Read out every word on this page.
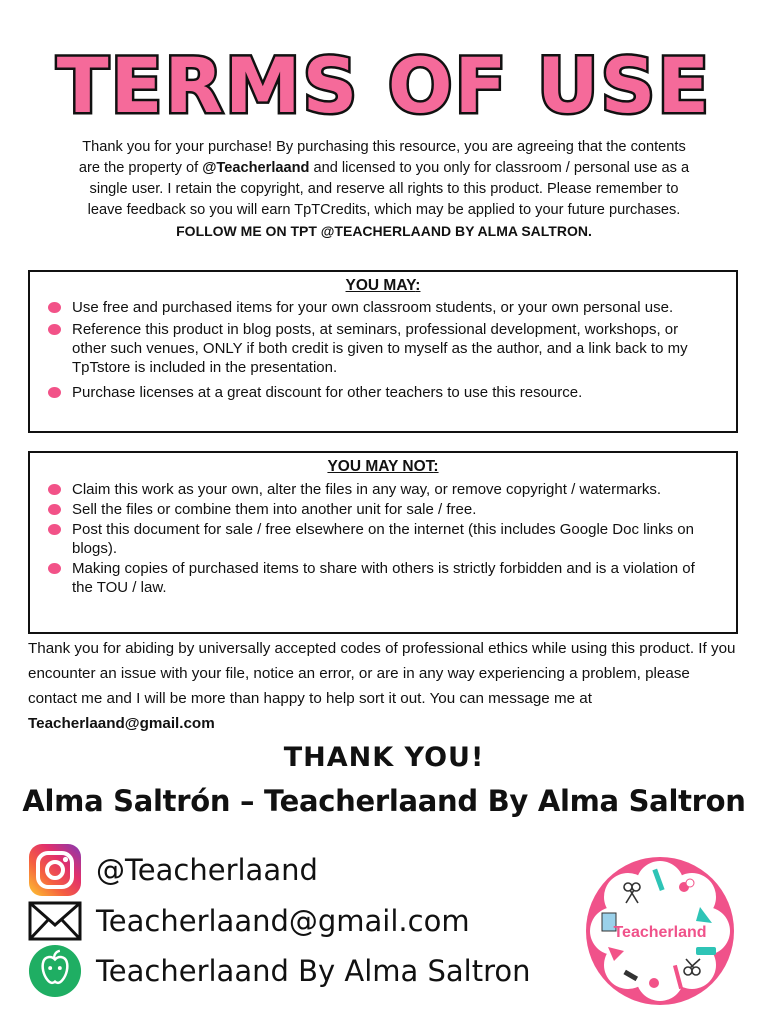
TERMS OF USE
Thank you for your purchase! By purchasing this resource, you are agreeing that the contents
are the property of @Teacherlaand and licensed to you only for classroom / personal use as a
single user. I retain the copyright, and reserve all rights to this product. Please remember to
leave feedback so you will earn TpTCredits, which may be applied to your future purchases.
FOLLOW ME ON TPT @TEACHERLAAND BY ALMA SALTRON.
YOU MAY:
Use free and purchased items for your own classroom students, or your own personal use.
Reference this product in blog posts, at seminars, professional development, workshops, or other such venues, ONLY if both credit is given to myself as the author, and a link back to my TpTstore is included in the presentation.
Purchase licenses at a great discount for other teachers to use this resource.
YOU MAY NOT:
Claim this work as your own, alter the files in any way, or remove copyright / watermarks.
Sell the files or combine them into another unit for sale / free.
Post this document for sale / free elsewhere on the internet (this includes Google Doc links on blogs).
Making copies of purchased items to share with others is strictly forbidden and is a violation of the TOU / law.
Thank you for abiding by universally accepted codes of professional ethics while using this product. If you encounter an issue with your file, notice an error, or are in any way experiencing a problem, please contact me and I will be more than happy to help sort it out. You can message me at Teacherlaand@gmail.com
THANK YOU!
Alma Saltrón – Teacherlaand By Alma Saltron
@Teacherlaand
Teacherlaand@gmail.com
Teacherlaand By Alma Saltron
Teacherland
